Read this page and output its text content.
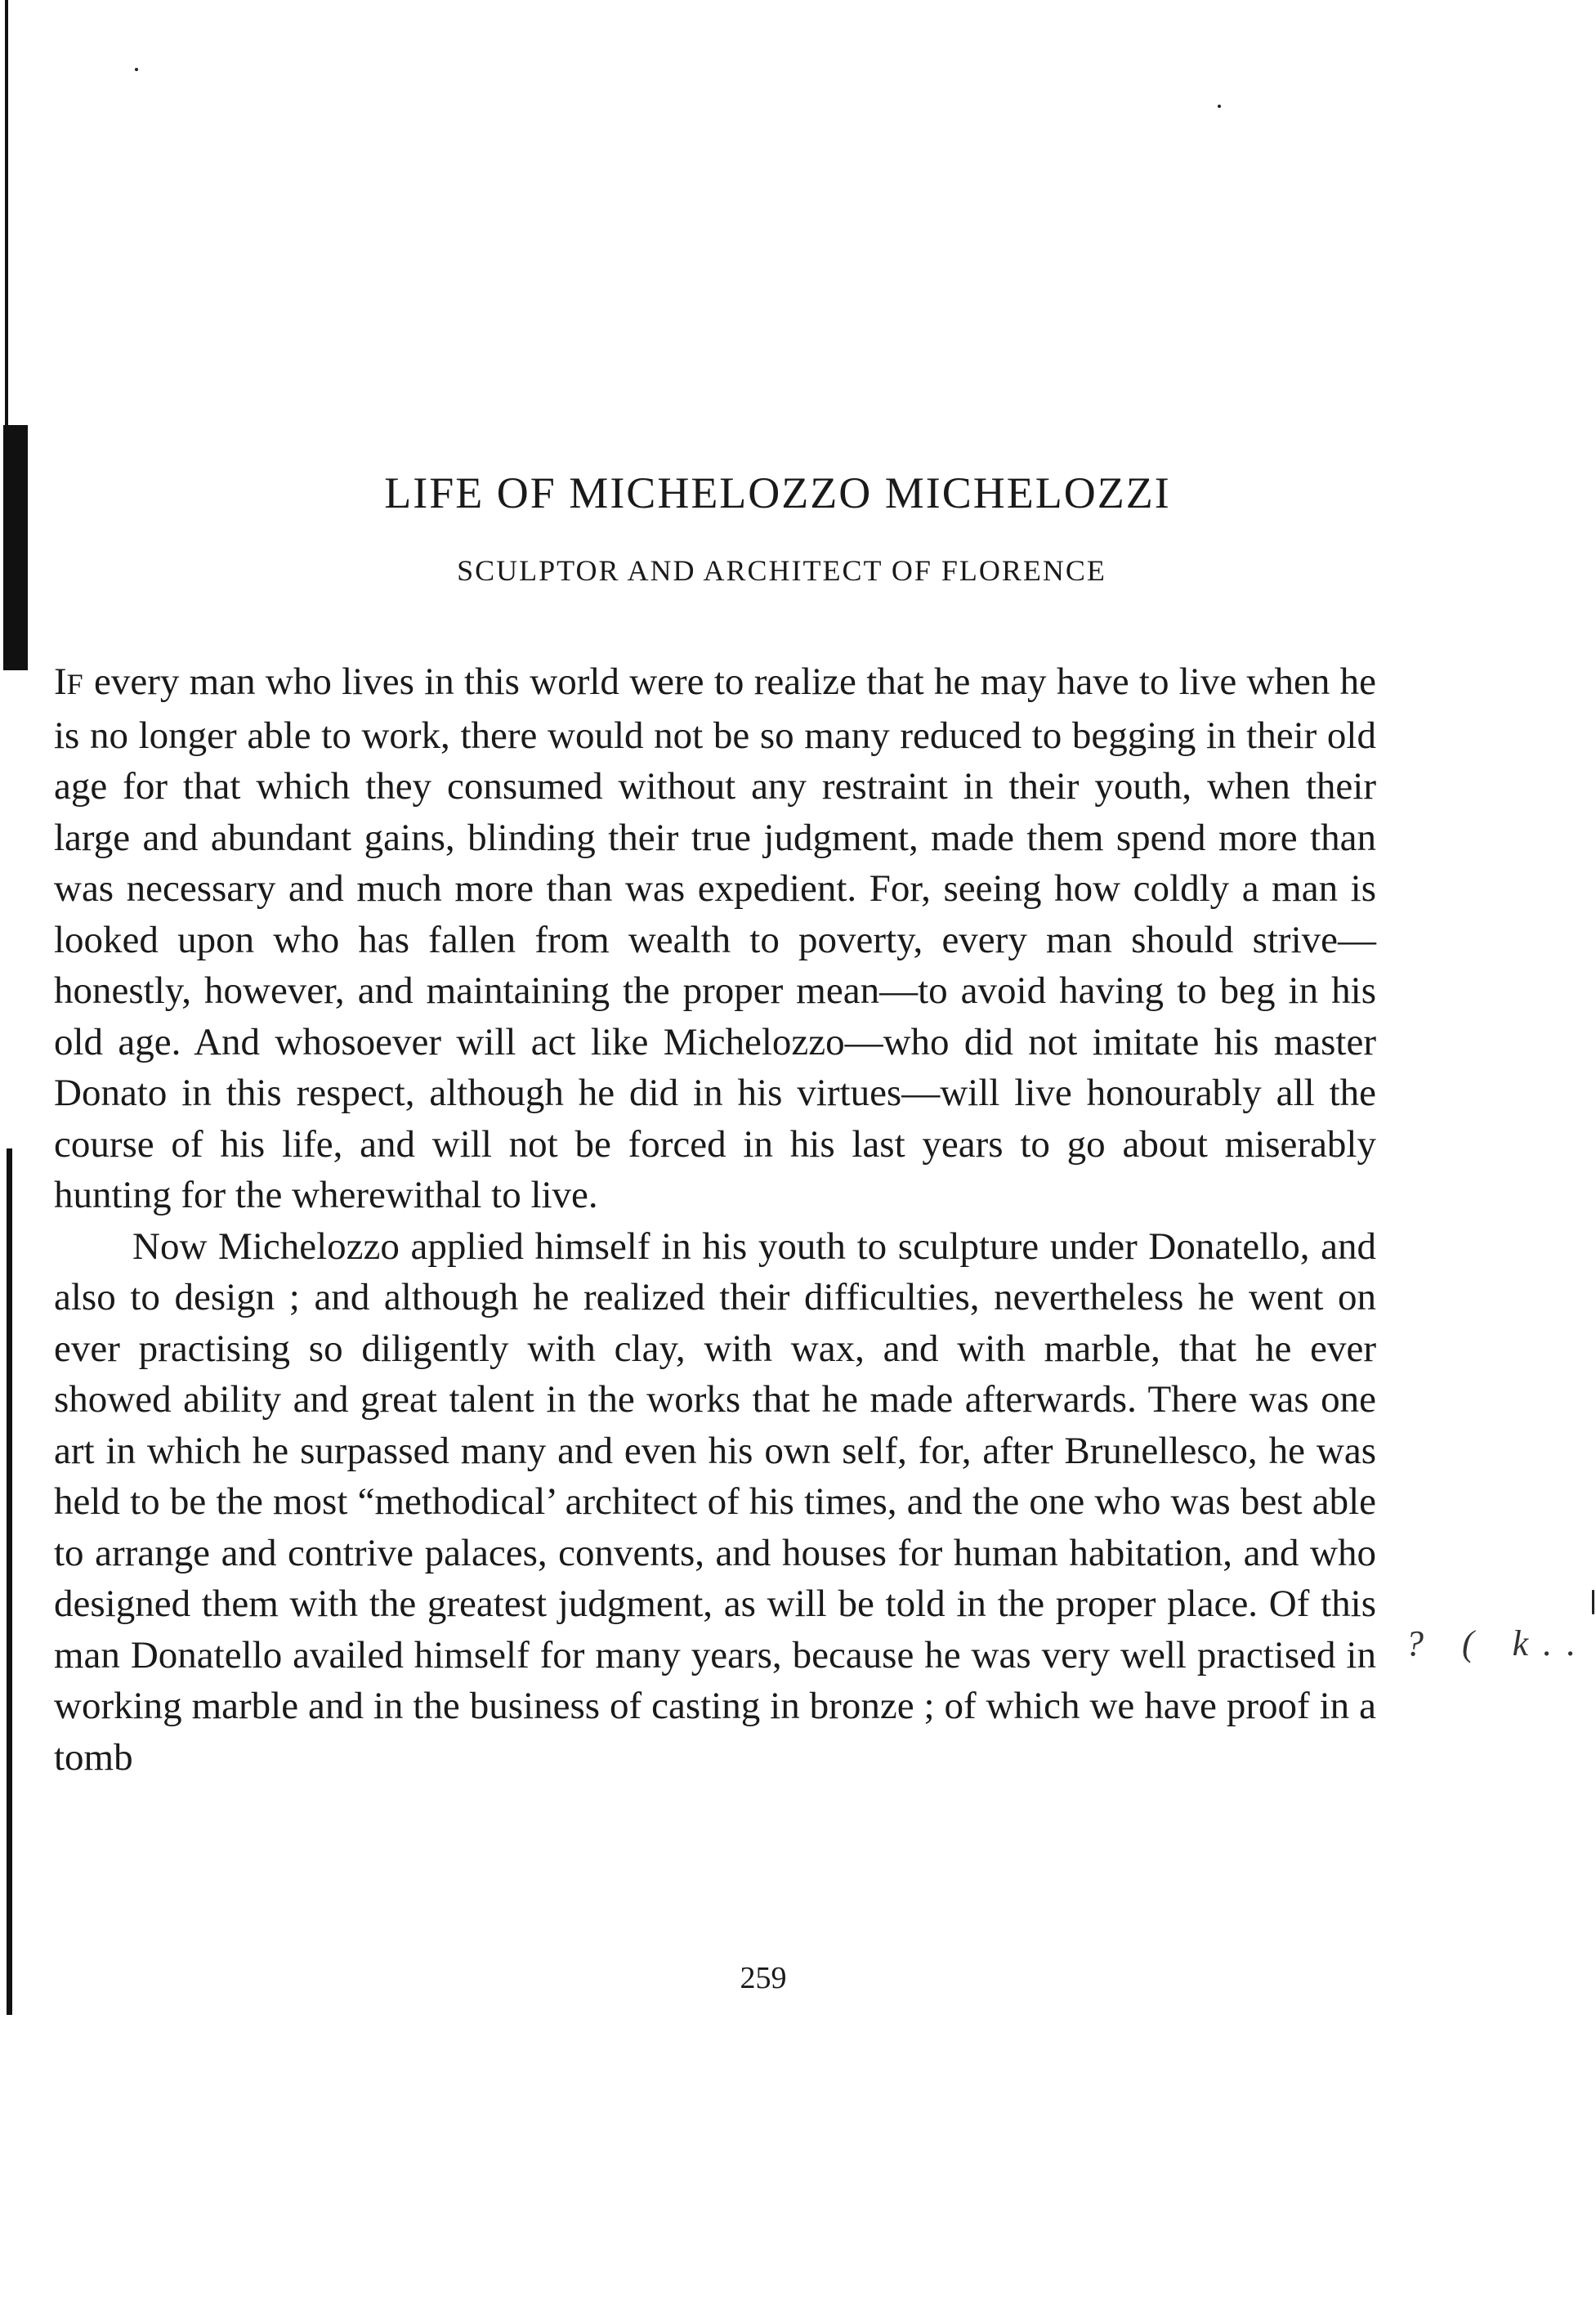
LIFE OF MICHELOZZO MICHELOZZI
SCULPTOR AND ARCHITECT OF FLORENCE

IF every man who lives in this world were to realize that he may have to live when he is no longer able to work, there would not be so many reduced to begging in their old age for that which they consumed without any restraint in their youth, when their large and abundant gains, blinding their true judgment, made them spend more than was necessary and much more than was expedient. For, seeing how coldly a man is looked upon who has fallen from wealth to poverty, every man should strive—honestly, however, and maintaining the proper mean—to avoid having to beg in his old age. And whosoever will act like Michelozzo—who did not imitate his master Donato in this respect, although he did in his virtues—will live honourably all the course of his life, and will not be forced in his last years to go about miserably hunting for the wherewithal to live.

Now Michelozzo applied himself in his youth to sculpture under Donatello, and also to design ; and although he realized their difficulties, nevertheless he went on ever practising so diligently with clay, with wax, and with marble, that he ever showed ability and great talent in the works that he made afterwards. There was one art in which he surpassed many and even his own self, for, after Brunellesco, he was held to be the most “methodical’ architect of his times, and the one who was best able to arrange and contrive palaces, convents, and houses for human habitation, and who designed them with the greatest judgment, as will be told in the proper place. Of this man Donatello availed himself for many years, because he was very well practised in working marble and in the business of casting in bronze ; of which we have proof in a tomb

? ( k..
259
